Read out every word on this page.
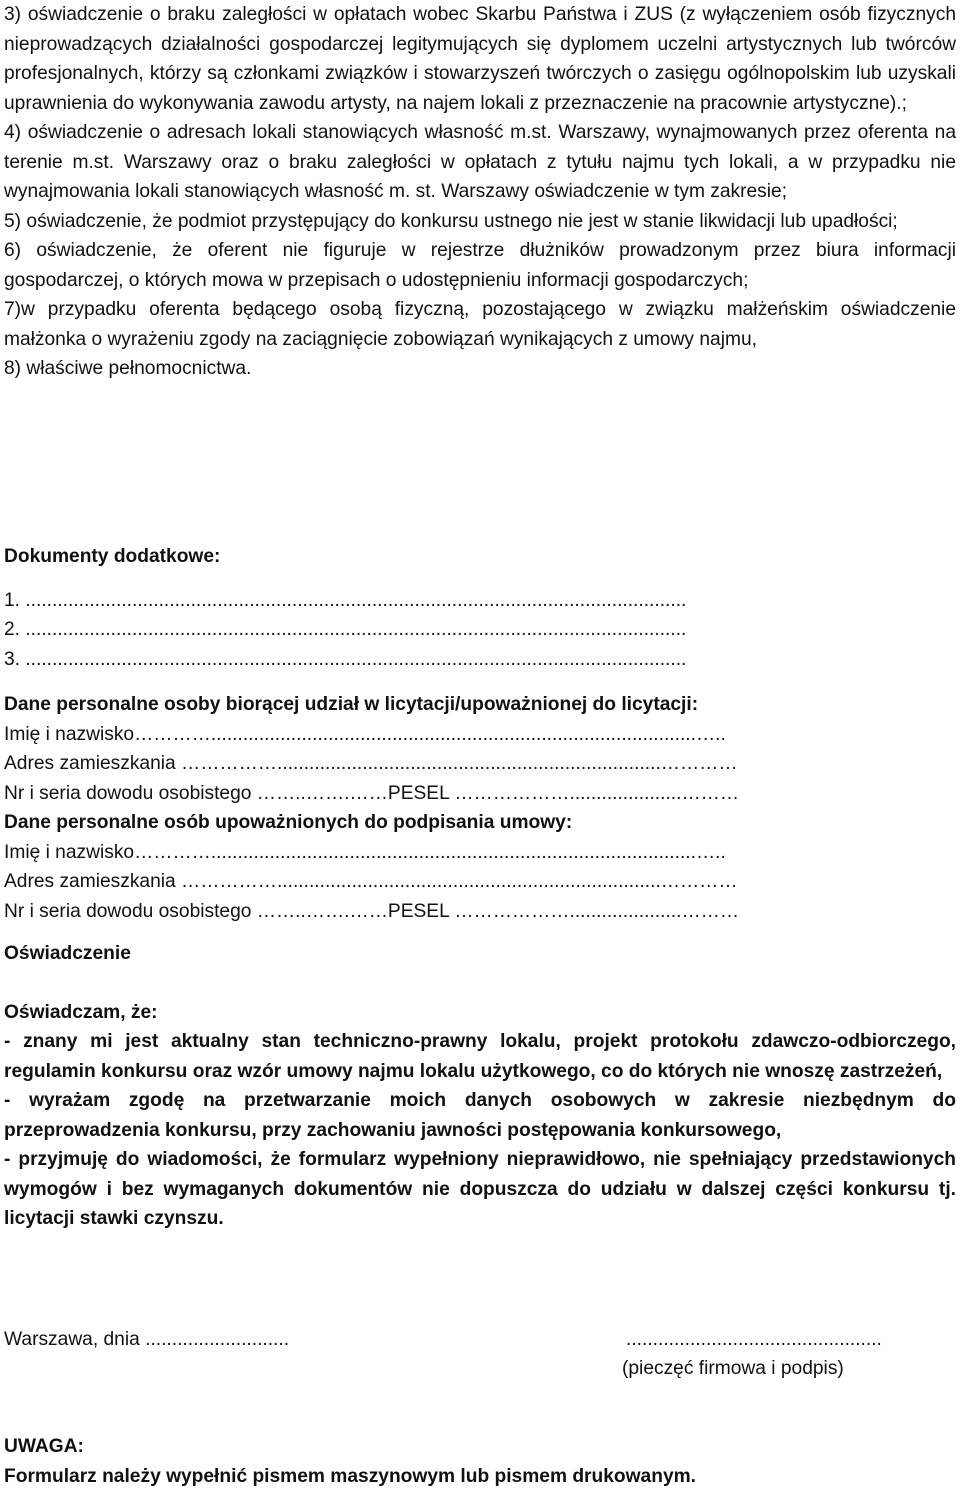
3) oświadczenie o braku zaległości w opłatach wobec Skarbu Państwa i ZUS (z wyłączeniem osób fizycznych nieprowadzących działalności gospodarczej legitymujących się dyplomem uczelni artystycznych lub twórców profesjonalnych, którzy są członkami związków i stowarzyszeń twórczych o zasięgu ogólnopolskim lub uzyskali uprawnienia do wykonywania zawodu artysty, na najem lokali z przeznaczenie na pracownie artystyczne).;

4) oświadczenie o adresach lokali stanowiących własność m.st. Warszawy, wynajmowanych przez oferenta na terenie m.st. Warszawy oraz o braku zaległości w opłatach z tytułu najmu tych lokali, a w przypadku nie wynajmowania lokali stanowiących własność m. st. Warszawy oświadczenie w tym zakresie;

5) oświadczenie, że podmiot przystępujący do konkursu ustnego nie jest w stanie likwidacji lub upadłości;

6) oświadczenie, że oferent nie figuruje w rejestrze dłużników prowadzonym przez biura informacji gospodarczej, o których mowa w przepisach o udostępnieniu informacji gospodarczych;

7)w przypadku oferenta będącego osobą fizyczną, pozostającego w związku małżeńskim oświadczenie małżonka o wyrażeniu zgody na zaciągnięcie zobowiązań wynikających z umowy najmu,

8) właściwe pełnomocnictwa.

Dokumenty dodatkowe:

1. ............................................................................................................................

2. ............................................................................................................................

3. ............................................................................................................................

Dane personalne osoby biorącej udział w licytacji/upoważnionej do licytacji:

Imię i nazwisko…………...........................................................................................…..

Adres zamieszkania ……………........................................................................…………

Nr i seria dowodu osobistego ……..…….……PESEL ……………….....................………

Dane personalne osób upoważnionych do podpisania umowy:

Imię i nazwisko…………...........................................................................................…..

Adres zamieszkania ……………........................................................................…………

Nr i seria dowodu osobistego ……..…….……PESEL ……………….....................………

Oświadczenie

Oświadczam, że:

- znany mi jest aktualny stan techniczno-prawny lokalu, projekt protokołu zdawczo-odbiorczego, regulamin konkursu oraz wzór umowy najmu lokalu użytkowego, co do których nie wnoszę zastrzeżeń,

- wyrażam zgodę na przetwarzanie moich danych osobowych w zakresie niezbędnym do przeprowadzenia konkursu, przy zachowaniu jawności postępowania konkursowego,

- przyjmuję do wiadomości, że formularz wypełniony nieprawidłowo, nie spełniający przedstawionych wymogów i bez wymaganych dokumentów nie dopuszcza do udziału w dalszej części konkursu tj. licytacji stawki czynszu.

Warszawa, dnia ...........................	................................................
(pieczęć firmowa i podpis)

UWAGA:

Formularz należy wypełnić pismem maszynowym lub pismem drukowanym.
